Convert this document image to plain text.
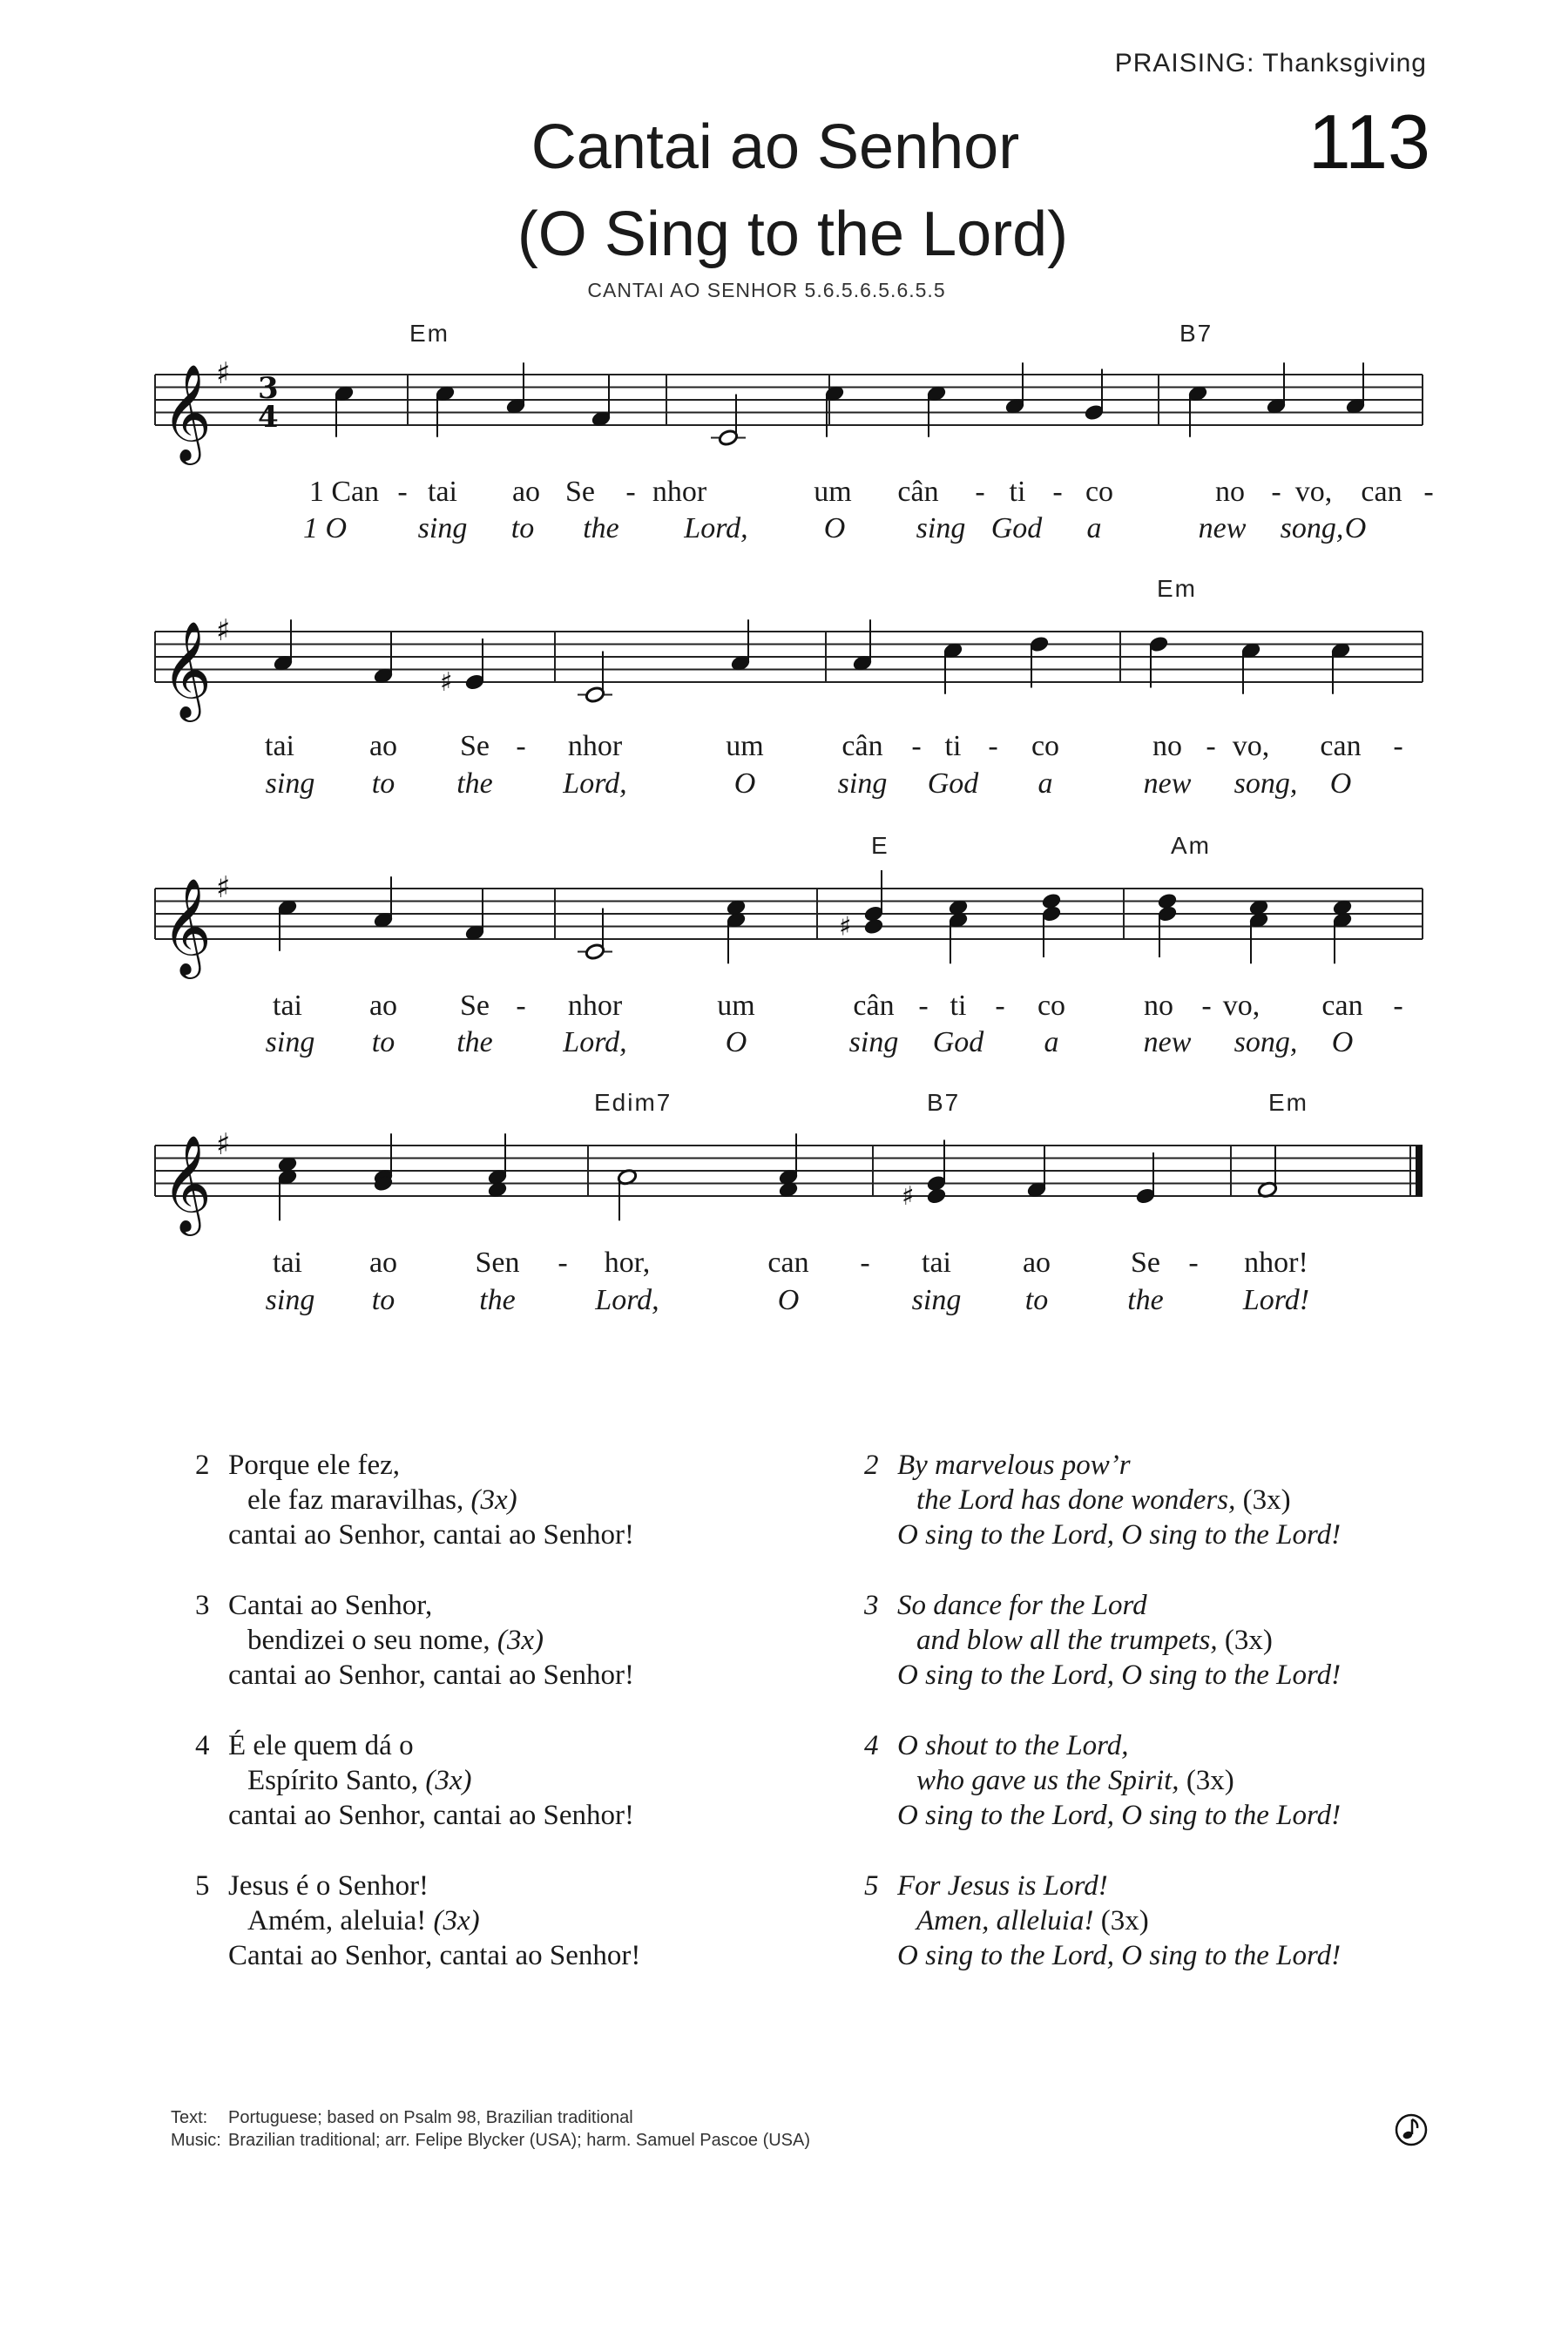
PRAISING: Thanksgiving
113
Cantai ao Senhor
(O Sing to the Lord)
CANTAI AO SENHOR 5.6.5.6.5.6.5.5
𝄞 ♯ 3
4
Em	B7
1 Can - tai ao Se - nhor	um cân - ti - co	no - vo, can -
1 O sing to the Lord,	O sing God a	new song, O
𝄞 ♯
♯
Em
tai	ao Se - nhor	um	cân - ti - co	no - vo, can -
sing to the Lord,	O	sing God a	new song, O
𝄞 ♯
♯
E	Am
tai ao Se - nhor	um	cân - ti - co	no - vo, can -
sing to the Lord,	O	sing God a	new song, O
𝄞 ♯
♯
Edim7	B7	Em
tai ao	Sen - hor,	can - tai ao	Se - nhor!
sing to	the	Lord,	O	sing to	the	Lord!
2 Porque ele fez,
ele faz maravilhas, (3x)
cantai ao Senhor, cantai ao Senhor!
3 Cantai ao Senhor,
bendizei o seu nome, (3x)
cantai ao Senhor, cantai ao Senhor!
4 É ele quem dá o
Espírito Santo, (3x)
cantai ao Senhor, cantai ao Senhor!
5 Jesus é o Senhor!
Amém, aleluia! (3x)
Cantai ao Senhor, cantai ao Senhor!
2 By marvelous pow’r
the Lord has done wonders, (3x)
O sing to the Lord, O sing to the Lord!
3 So dance for the Lord
and blow all the trumpets, (3x)
O sing to the Lord, O sing to the Lord!
4 O shout to the Lord,
who gave us the Spirit, (3x)
O sing to the Lord, O sing to the Lord!
5 For Jesus is Lord!
Amen, alleluia! (3x)
O sing to the Lord, O sing to the Lord!
Text: Portuguese; based on Psalm 98, Brazilian traditional
Music: Brazilian traditional; arr. Felipe Blycker (USA); harm. Samuel Pascoe (USA)
